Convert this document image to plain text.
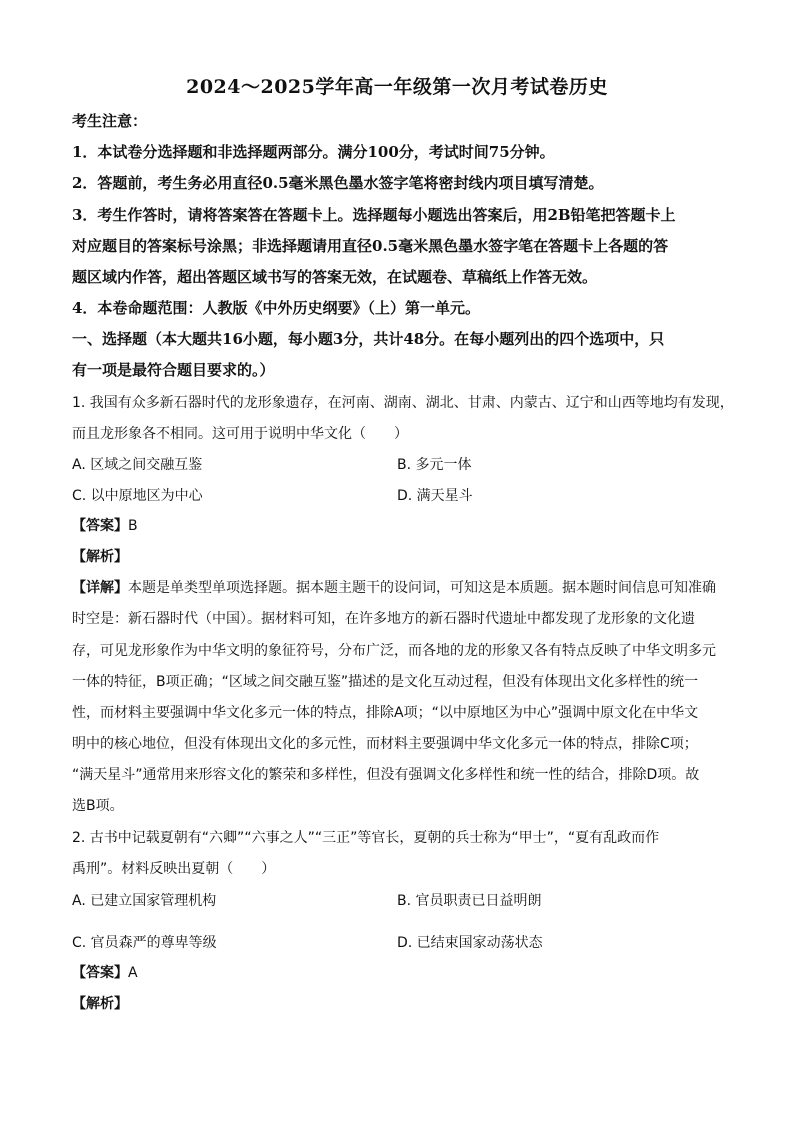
2024～2025学年高一年级第一次月考试卷历史
考生注意：
1．本试卷分选择题和非选择题两部分。满分100分，考试时间75分钟。
2．答题前，考生务必用直径0.5毫米黑色墨水签字笔将密封线内项目填写清楚。
3．考生作答时，请将答案答在答题卡上。选择题每小题选出答案后，用2B铅笔把答题卡上
对应题目的答案标号涂黑；非选择题请用直径0.5毫米黑色墨水签字笔在答题卡上各题的答
题区域内作答，超出答题区域书写的答案无效，在试题卷、草稿纸上作答无效。
4．本卷命题范围：人教版《中外历史纲要》（上）第一单元。
一、选择题（本大题共16小题，每小题3分，共计48分。在每小题列出的四个选项中，只
有一项是最符合题目要求的。）
1. 我国有众多新石器时代的龙形象遗存，在河南、湖南、湖北、甘肃、内蒙古、辽宁和山西等地均有发现，
而且龙形象各不相同。这可用于说明中华文化（　　）
A. 区域之间交融互鉴	B. 多元一体
C. 以中原地区为中心	D. 满天星斗
【答案】B
【解析】
【详解】本题是单类型单项选择题。据本题主题干的设问词，可知这是本质题。据本题时间信息可知准确
时空是：新石器时代（中国）。据材料可知，在许多地方的新石器时代遗址中都发现了龙形象的文化遗
存，可见龙形象作为中华文明的象征符号，分布广泛，而各地的龙的形象又各有特点反映了中华文明多元
一体的特征，B项正确；“区域之间交融互鉴”描述的是文化互动过程，但没有体现出文化多样性的统一
性，而材料主要强调中华文化多元一体的特点，排除A项；“以中原地区为中心”强调中原文化在中华文
明中的核心地位，但没有体现出文化的多元性，而材料主要强调中华文化多元一体的特点，排除C项；
“满天星斗”通常用来形容文化的繁荣和多样性，但没有强调文化多样性和统一性的结合，排除D项。故
选B项。
2. 古书中记载夏朝有“六卿”“六事之人”“三正”等官长，夏朝的兵士称为“甲士”，“夏有乱政而作
禹刑”。材料反映出夏朝（　　）
A. 已建立国家管理机构	B. 官员职责已日益明朗
C. 官员森严的尊卑等级	D. 已结束国家动荡状态
【答案】A
【解析】
